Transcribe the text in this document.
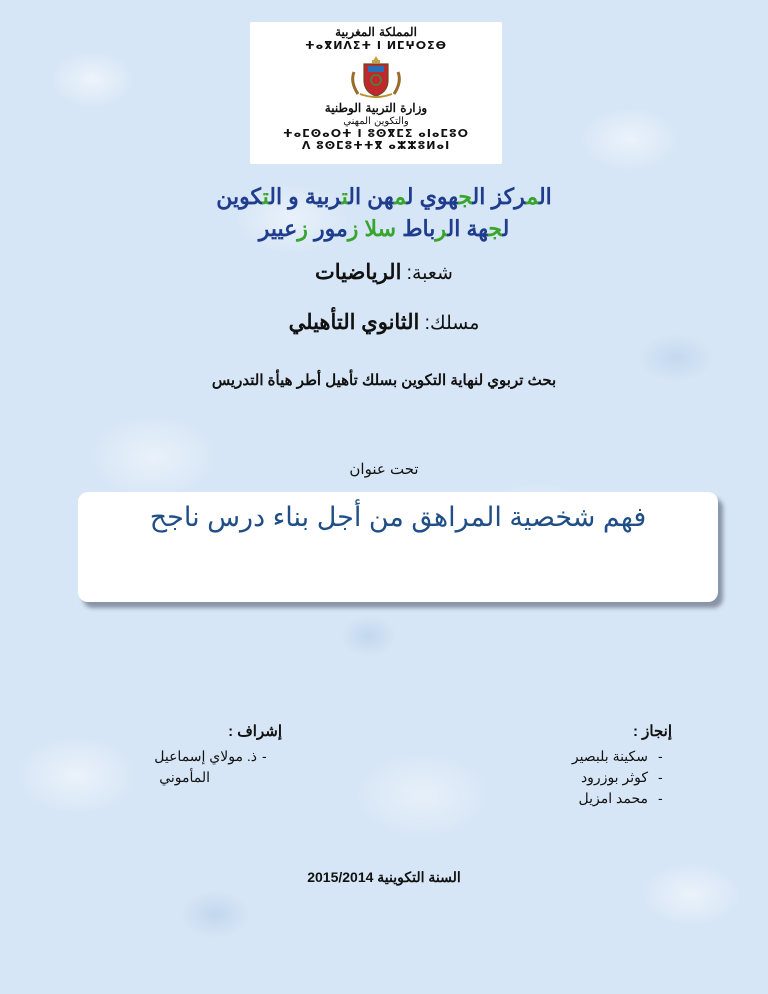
المملكة المغربية
ⵜⴰⴳⵍⴷⵉⵜ ⵏ ⵍⵎⵖⵔⵉⴱ
وزارة التربية الوطنية
والتكوين المهني
ⵜⴰⵎⵙⴰⵔⵜ ⵏ ⵓⵙⴳⵎⵉ ⴰⵏⴰⵎⵓⵔ
ⴷ ⵓⵙⵎⵓⵜⵜⴳ ⴰⵣⵣⵓⵍⴰⵏ
المركز الجهوي لمهن التربية و التكوين
لجهة الرباط سلا زمور زعيير
شعبة: الرياضيات
مسلك: الثانوي التأهيلي
بحث تربوي لنهاية التكوين بسلك تأهيل أطر هيأة التدريس
تحت عنوان
فهم شخصية المراهق من أجل بناء درس ناجح
إنجاز :
-
سكينة بلبصير
-
كوثر بوزرود
-
محمد امزيل
إشراف :
-
ذ. مولاي إسماعيل
المأموني
السنة التكوينية 2015/2014
